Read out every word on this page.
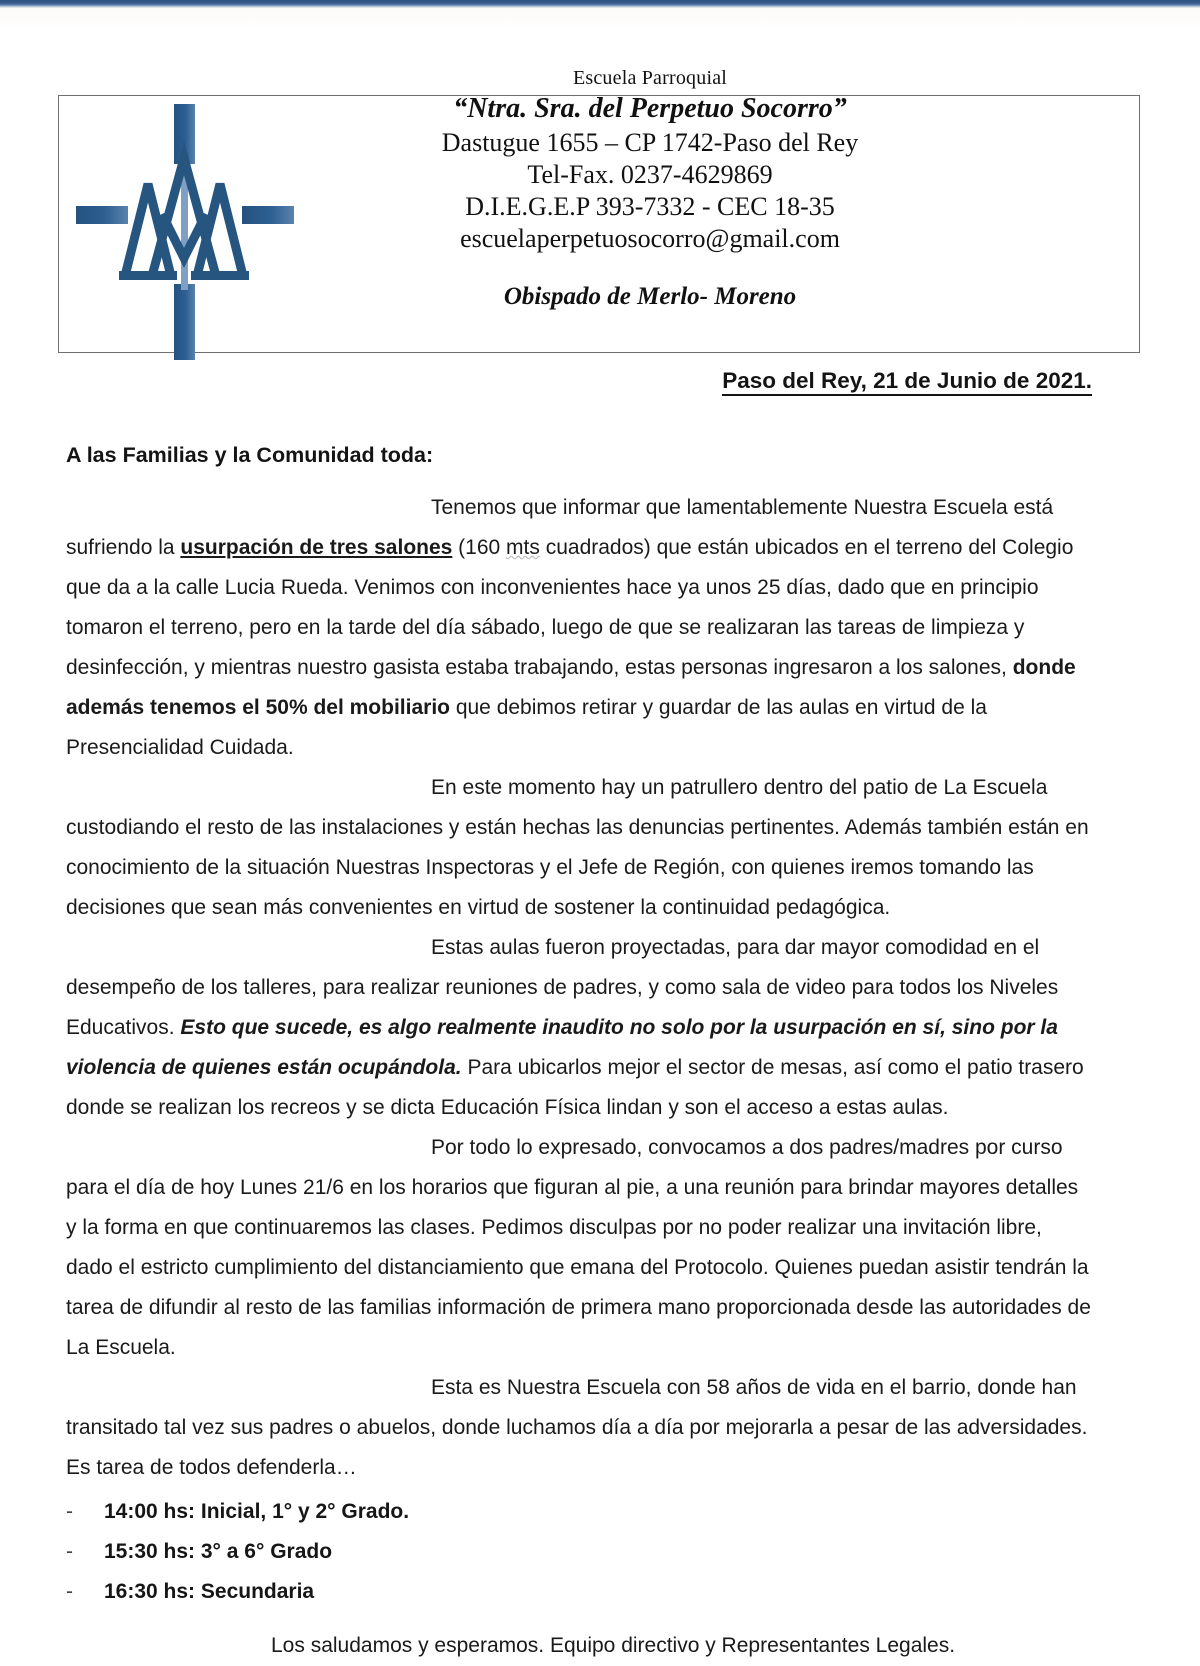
Escuela Parroquial
“Ntra. Sra. del Perpetuo Socorro”
Dastugue 1655 – CP 1742-Paso del Rey
Tel-Fax. 0237-4629869
D.I.E.G.E.P 393-7332 - CEC 18-35
escuelaperpetuosocorro@gmail.com
Obispado de Merlo- Moreno
Paso del Rey, 21 de Junio de 2021.
A las Familias y la Comunidad toda:

Tenemos que informar que lamentablemente Nuestra Escuela está sufriendo la usurpación de tres salones (160 mts cuadrados) que están ubicados en el terreno del Colegio que da a la calle Lucia Rueda. Venimos con inconvenientes hace ya unos 25 días, dado que en principio tomaron el terreno, pero en la tarde del día sábado, luego de que se realizaran las tareas de limpieza y desinfección, y mientras nuestro gasista estaba trabajando, estas personas ingresaron a los salones, donde además tenemos el 50% del mobiliario que debimos retirar y guardar de las aulas en virtud de la Presencialidad Cuidada.

En este momento hay un patrullero dentro del patio de La Escuela custodiando el resto de las instalaciones y están hechas las denuncias pertinentes. Además también están en conocimiento de la situación Nuestras Inspectoras y el Jefe de Región, con quienes iremos tomando las decisiones que sean más convenientes en virtud de sostener la continuidad pedagógica.

Estas aulas fueron proyectadas, para dar mayor comodidad en el desempeño de los talleres, para realizar reuniones de padres, y como sala de video para todos los Niveles Educativos. Esto que sucede, es algo realmente inaudito no solo por la usurpación en sí, sino por la violencia de quienes están ocupándola. Para ubicarlos mejor el sector de mesas, así como el patio trasero donde se realizan los recreos y se dicta Educación Física lindan y son el acceso a estas aulas.

Por todo lo expresado, convocamos a dos padres/madres por curso para el día de hoy Lunes 21/6 en los horarios que figuran al pie, a una reunión para brindar mayores detalles y la forma en que continuaremos las clases. Pedimos disculpas por no poder realizar una invitación libre, dado el estricto cumplimiento del distanciamiento que emana del Protocolo. Quienes puedan asistir tendrán la tarea de difundir al resto de las familias información de primera mano proporcionada desde las autoridades de La Escuela.

Esta es Nuestra Escuela con 58 años de vida en el barrio, donde han transitado tal vez sus padres o abuelos, donde luchamos día a día por mejorarla a pesar de las adversidades. Es tarea de todos defenderla…

- 14:00 hs: Inicial, 1° y 2° Grado.
- 15:30 hs: 3° a 6° Grado
- 16:30 hs: Secundaria
Los saludamos y esperamos. Equipo directivo y Representantes Legales.
